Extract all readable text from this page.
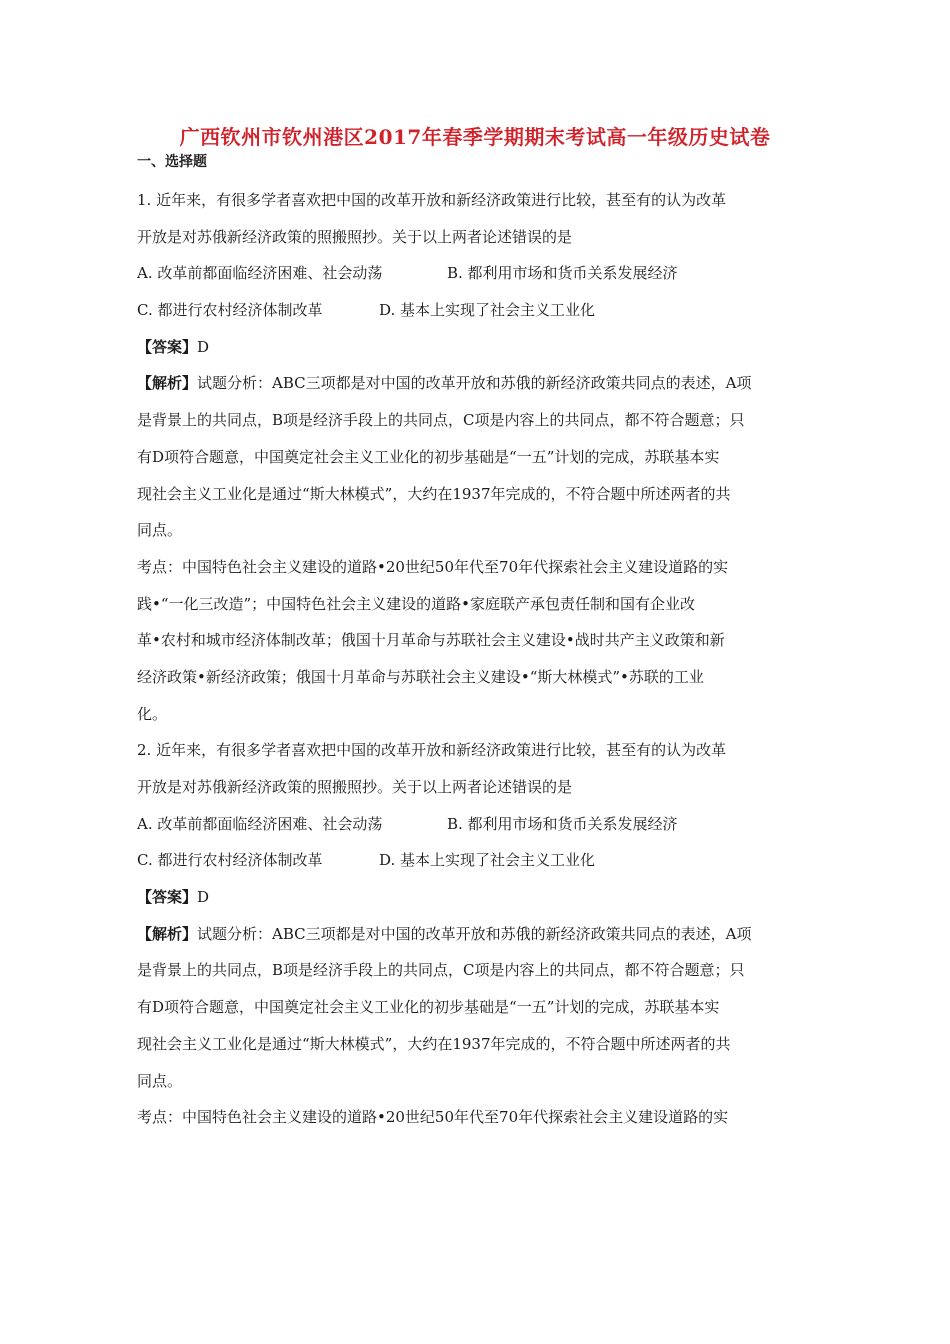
广西钦州市钦州港区2017年春季学期期末考试高一年级历史试卷
一、选择题
1. 近年来，有很多学者喜欢把中国的改革开放和新经济政策进行比较，甚至有的认为改革
开放是对苏俄新经济政策的照搬照抄。关于以上两者论述错误的是
A. 改革前都面临经济困难、社会动荡	B. 都利用市场和货币关系发展经济
C. 都进行农村经济体制改革	D. 基本上实现了社会主义工业化
【答案】D
【解析】试题分析：ABC三项都是对中国的改革开放和苏俄的新经济政策共同点的表述，A项
是背景上的共同点，B项是经济手段上的共同点，C项是内容上的共同点，都不符合题意；只
有D项符合题意，中国奠定社会主义工业化的初步基础是“一五”计划的完成，苏联基本实
现社会主义工业化是通过“斯大林模式”，大约在1937年完成的，不符合题中所述两者的共
同点。
考点：中国特色社会主义建设的道路•20世纪50年代至70年代探索社会主义建设道路的实
践•“一化三改造”；中国特色社会主义建设的道路•家庭联产承包责任制和国有企业改
革•农村和城市经济体制改革；俄国十月革命与苏联社会主义建设•战时共产主义政策和新
经济政策•新经济政策；俄国十月革命与苏联社会主义建设•“斯大林模式”•苏联的工业
化。
2. 近年来，有很多学者喜欢把中国的改革开放和新经济政策进行比较，甚至有的认为改革
开放是对苏俄新经济政策的照搬照抄。关于以上两者论述错误的是
A. 改革前都面临经济困难、社会动荡	B. 都利用市场和货币关系发展经济
C. 都进行农村经济体制改革	D. 基本上实现了社会主义工业化
【答案】D
【解析】试题分析：ABC三项都是对中国的改革开放和苏俄的新经济政策共同点的表述，A项
是背景上的共同点，B项是经济手段上的共同点，C项是内容上的共同点，都不符合题意；只
有D项符合题意，中国奠定社会主义工业化的初步基础是“一五”计划的完成，苏联基本实
现社会主义工业化是通过“斯大林模式”，大约在1937年完成的，不符合题中所述两者的共
同点。
考点：中国特色社会主义建设的道路•20世纪50年代至70年代探索社会主义建设道路的实
